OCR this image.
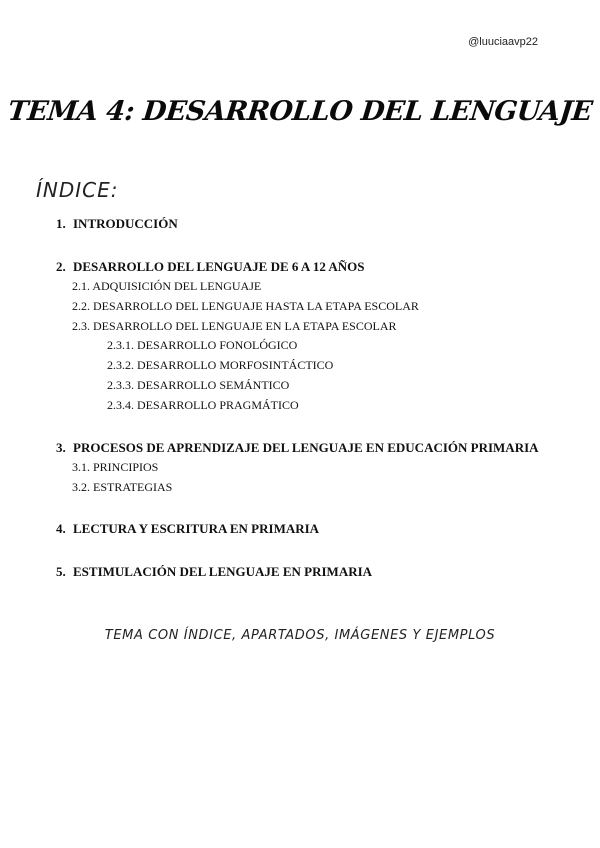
@luuciaavp22
TEMA 4: DESARROLLO DEL LENGUAJE
ÍNDICE:
1. INTRODUCCIÓN
2. DESARROLLO DEL LENGUAJE DE 6 A 12 AÑOS
2.1. ADQUISICIÓN DEL LENGUAJE
2.2. DESARROLLO DEL LENGUAJE HASTA LA ETAPA ESCOLAR
2.3. DESARROLLO DEL LENGUAJE EN LA ETAPA ESCOLAR
2.3.1. DESARROLLO FONOLÓGICO
2.3.2. DESARROLLO MORFOSINTÁCTICO
2.3.3. DESARROLLO SEMÁNTICO
2.3.4. DESARROLLO PRAGMÁTICO
3. PROCESOS DE APRENDIZAJE DEL LENGUAJE EN EDUCACIÓN PRIMARIA
3.1. PRINCIPIOS
3.2. ESTRATEGIAS
4. LECTURA Y ESCRITURA EN PRIMARIA
5. ESTIMULACIÓN DEL LENGUAJE EN PRIMARIA
TEMA CON ÍNDICE, APARTADOS, IMÁGENES Y EJEMPLOS
